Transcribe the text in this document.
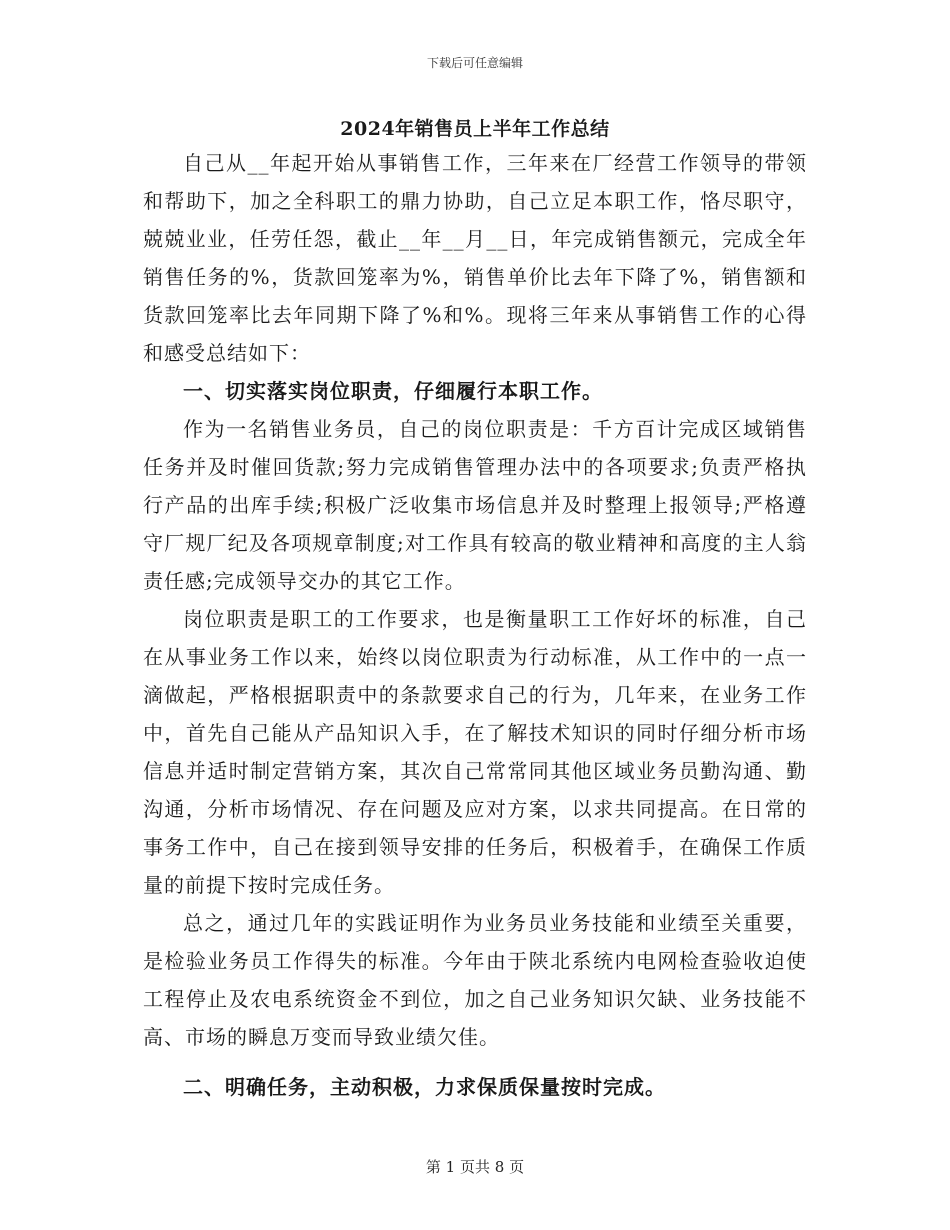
下载后可任意编辑
2024年销售员上半年工作总结

自己从__年起开始从事销售工作，三年来在厂经营工作领导的带领和帮助下，加之全科职工的鼎力协助，自己立足本职工作，恪尽职守，兢兢业业，任劳任怨，截止__年__月__日，年完成销售额元，完成全年销售任务的%，货款回笼率为%，销售单价比去年下降了%，销售额和货款回笼率比去年同期下降了%和%。现将三年来从事销售工作的心得和感受总结如下：

一、切实落实岗位职责，仔细履行本职工作。

作为一名销售业务员，自己的岗位职责是：千方百计完成区域销售任务并及时催回货款;努力完成销售管理办法中的各项要求;负责严格执行产品的出库手续;积极广泛收集市场信息并及时整理上报领导;严格遵守厂规厂纪及各项规章制度;对工作具有较高的敬业精神和高度的主人翁责任感;完成领导交办的其它工作。

岗位职责是职工的工作要求，也是衡量职工工作好坏的标准，自己在从事业务工作以来，始终以岗位职责为行动标准，从工作中的一点一滴做起，严格根据职责中的条款要求自己的行为，几年来，在业务工作中，首先自己能从产品知识入手，在了解技术知识的同时仔细分析市场信息并适时制定营销方案，其次自己常常同其他区域业务员勤沟通、勤沟通，分析市场情况、存在问题及应对方案，以求共同提高。在日常的事务工作中，自己在接到领导安排的任务后，积极着手，在确保工作质量的前提下按时完成任务。

总之，通过几年的实践证明作为业务员业务技能和业绩至关重要，是检验业务员工作得失的标准。今年由于陕北系统内电网检查验收迫使工程停止及农电系统资金不到位，加之自己业务知识欠缺、业务技能不高、市场的瞬息万变而导致业绩欠佳。

二、明确任务，主动积极，力求保质保量按时完成。

第 1 页共 8 页
